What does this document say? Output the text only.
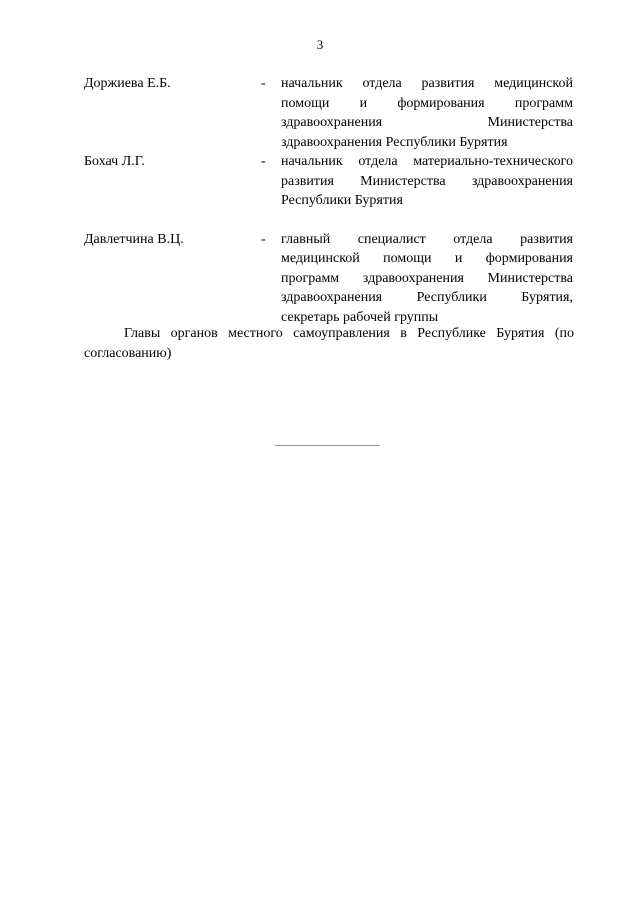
3
Доржиева Е.Б.	-	начальник отдела развития медицинской помощи и формирования программ здравоохранения Министерства здравоохранения Республики Бурятия
Бохач Л.Г.	-	начальник отдела материально-технического развития Министерства здравоохранения Республики Бурятия
Давлетчина В.Ц.	-	главный специалист отдела развития медицинской помощи и формирования программ здравоохранения Министерства здравоохранения Республики Бурятия, секретарь рабочей группы
Главы органов местного самоуправления в Республике Бурятия (по согласованию)
